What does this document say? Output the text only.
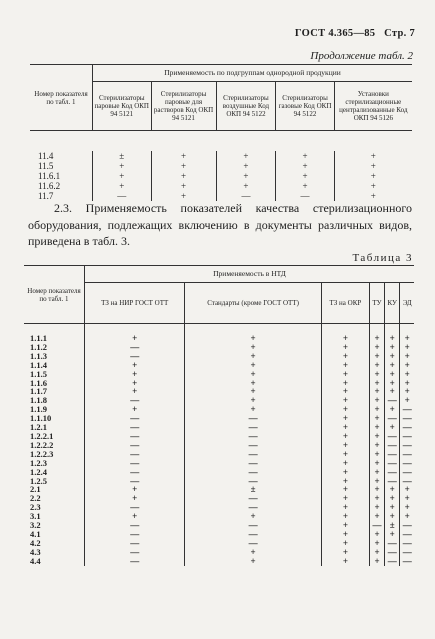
ГОСТ 4.365—85 Стр. 7
Продолжение табл. 2
Номер показателя по табл. 1	Применяемость по подгруппам однородной продукции				
	Стерилизаторы паровые Код ОКП 94 5121	Стерилизаторы паровые для растворов Код ОКП 94 5121	Стерилизаторы воздушные Код ОКП 94 5122	Стерилизаторы газовые Код ОКП 94 5122	Установки стерилизационные централизованные Код ОКП 94 5126

11.4	±	+	+	+	+
11.5	+	+	+	+	+
11.6.1	+	+	+	+	+
11.6.2	+	+	+	+	+
11.7	—	+	—	—	+
2.3. Применяемость показателей качества стерилизационного оборудования, подлежащих включению в документы различных видов, приведена в табл. 3.
Таблица 3
Номер показателя по табл. 1	Применяемость в НТД					
	ТЗ на НИР ГОСТ ОТТ	Стандарты (кроме ГОСТ ОТТ)	ТЗ на ОКР	ТУ	КУ	ЭД

1.1.1	+	+	+	+	+	+
1.1.2	—	+	+	+	+	+
1.1.3	—	+	+	+	+	+
1.1.4	+	+	+	+	+	+
1.1.5	+	+	+	+	+	+
1.1.6	+	+	+	+	+	+
1.1.7	+	+	+	+	+	+
1.1.8	—	+	+	+	—	+
1.1.9	+	+	+	+	+	—
1.1.10	—	—	+	+	—	—
1.2.1	—	—	+	+	+	—
1.2.2.1	—	—	+	+	—	—
1.2.2.2	—	—	+	+	—	—
1.2.2.3	—	—	+	+	—	—
1.2.3	—	—	+	+	—	—
1.2.4	—	—	+	+	—	—
1.2.5	—	—	+	+	—	—
2.1	+	±	+	+	+	+
2.2	+	—	+	+	+	+
2.3	—	—	+	+	+	+
3.1	+	+	+	+	+	+
3.2	—	—	+	—	±	—
4.1	—	—	+	+	+	—
4.2	—	—	+	+	—	—
4.3	—	+	+	+	—	—
4.4	—	+	+	+	—	—
